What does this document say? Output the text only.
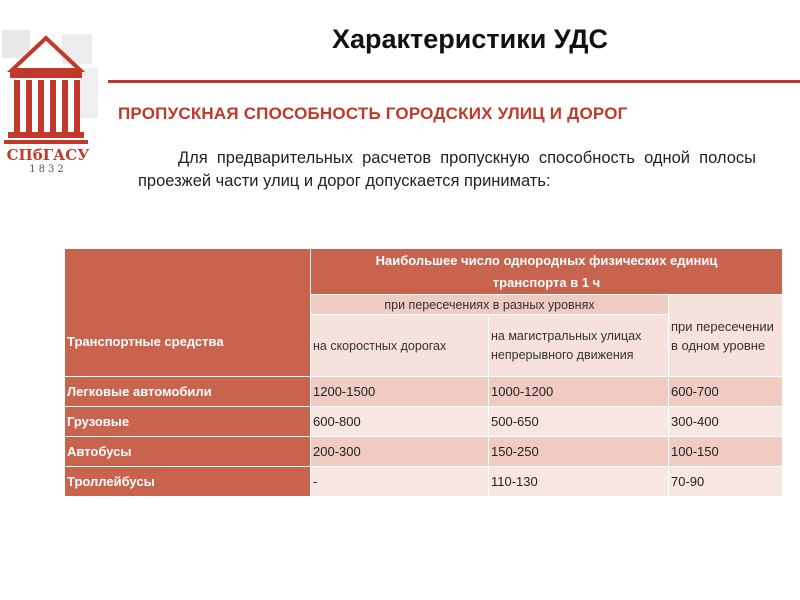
СПбГАСУ
1832
Характеристики УДС
ПРОПУСКНАЯ СПОСОБНОСТЬ ГОРОДСКИХ УЛИЦ И ДОРОГ
Для предварительных расчетов пропускную способность одной полосы проезжей части улиц и дорог допускается принимать:
Транспортные средства	Наибольшее число однородных физических единиц транспорта в 1 ч		
	при пересечениях в разных уровнях		при пересечении в одном уровне
	на скоростных дорогах	на магистральных улицах непрерывного движения	
Легковые автомобили	1200-1500	1000-1200	600-700
Грузовые	600-800	500-650	300-400
Автобусы	200-300	150-250	100-150
Троллейбусы	-	110-130	70-90
